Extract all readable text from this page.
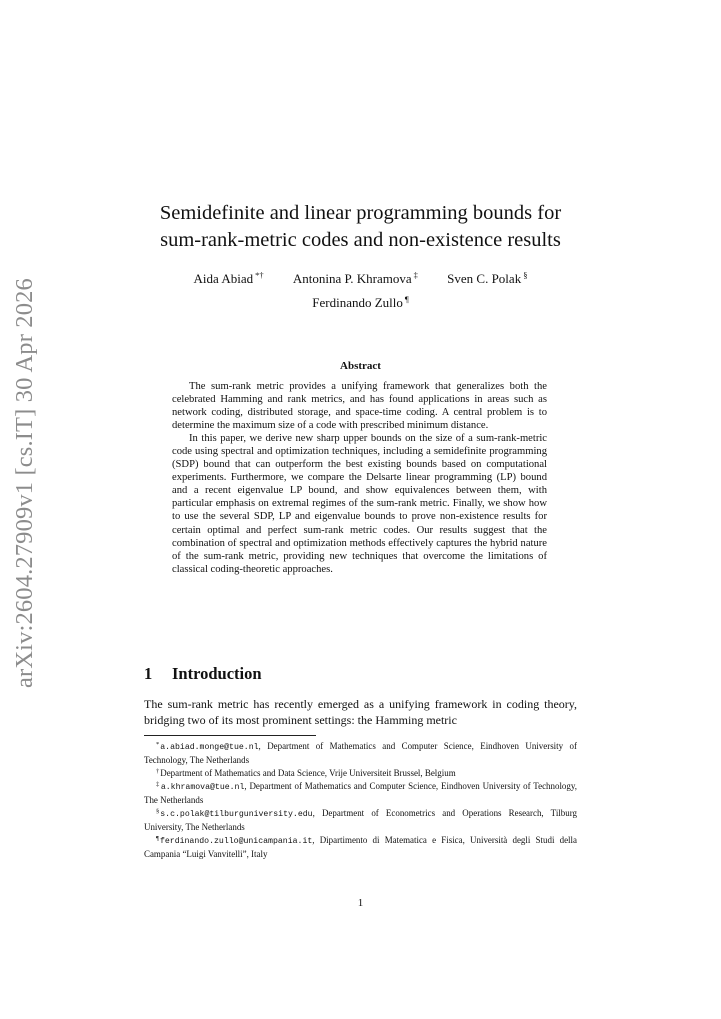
arXiv:2604.27909v1 [cs.IT] 30 Apr 2026
Semidefinite and linear programming bounds for
sum-rank-metric codes and non-existence results
Aida Abiad *† Antonina P. Khramova ‡ Sven C. Polak §
Ferdinando Zullo ¶
Abstract

The sum-rank metric provides a unifying framework that generalizes both the celebrated Hamming and rank metrics, and has found applications in areas such as network coding, distributed storage, and space-time coding. A central problem is to determine the maximum size of a code with prescribed minimum distance.

In this paper, we derive new sharp upper bounds on the size of a sum-rank-metric code using spectral and optimization techniques, including a semidefinite programming (SDP) bound that can outperform the best existing bounds based on computational experiments. Furthermore, we compare the Delsarte linear programming (LP) bound and a recent eigenvalue LP bound, and show equivalences between them, with particular emphasis on extremal regimes of the sum-rank metric. Finally, we show how to use the several SDP, LP and eigenvalue bounds to prove non-existence results for certain optimal and perfect sum-rank metric codes. Our results suggest that the combination of spectral and optimization methods effectively captures the hybrid nature of the sum-rank metric, providing new techniques that overcome the limitations of classical coding-theoretic approaches.

1 Introduction

The sum-rank metric has recently emerged as a unifying framework in coding theory, bridging two of its most prominent settings: the Hamming metric

*a.abiad.monge@tue.nl, Department of Mathematics and Computer Science, Eindhoven University of Technology, The Netherlands

†Department of Mathematics and Data Science, Vrije Universiteit Brussel, Belgium

‡a.khramova@tue.nl, Department of Mathematics and Computer Science, Eindhoven University of Technology, The Netherlands

§s.c.polak@tilburguniversity.edu, Department of Econometrics and Operations Research, Tilburg University, The Netherlands

¶ferdinando.zullo@unicampania.it, Dipartimento di Matematica e Fisica, Università degli Studi della Campania “Luigi Vanvitelli”, Italy

1
